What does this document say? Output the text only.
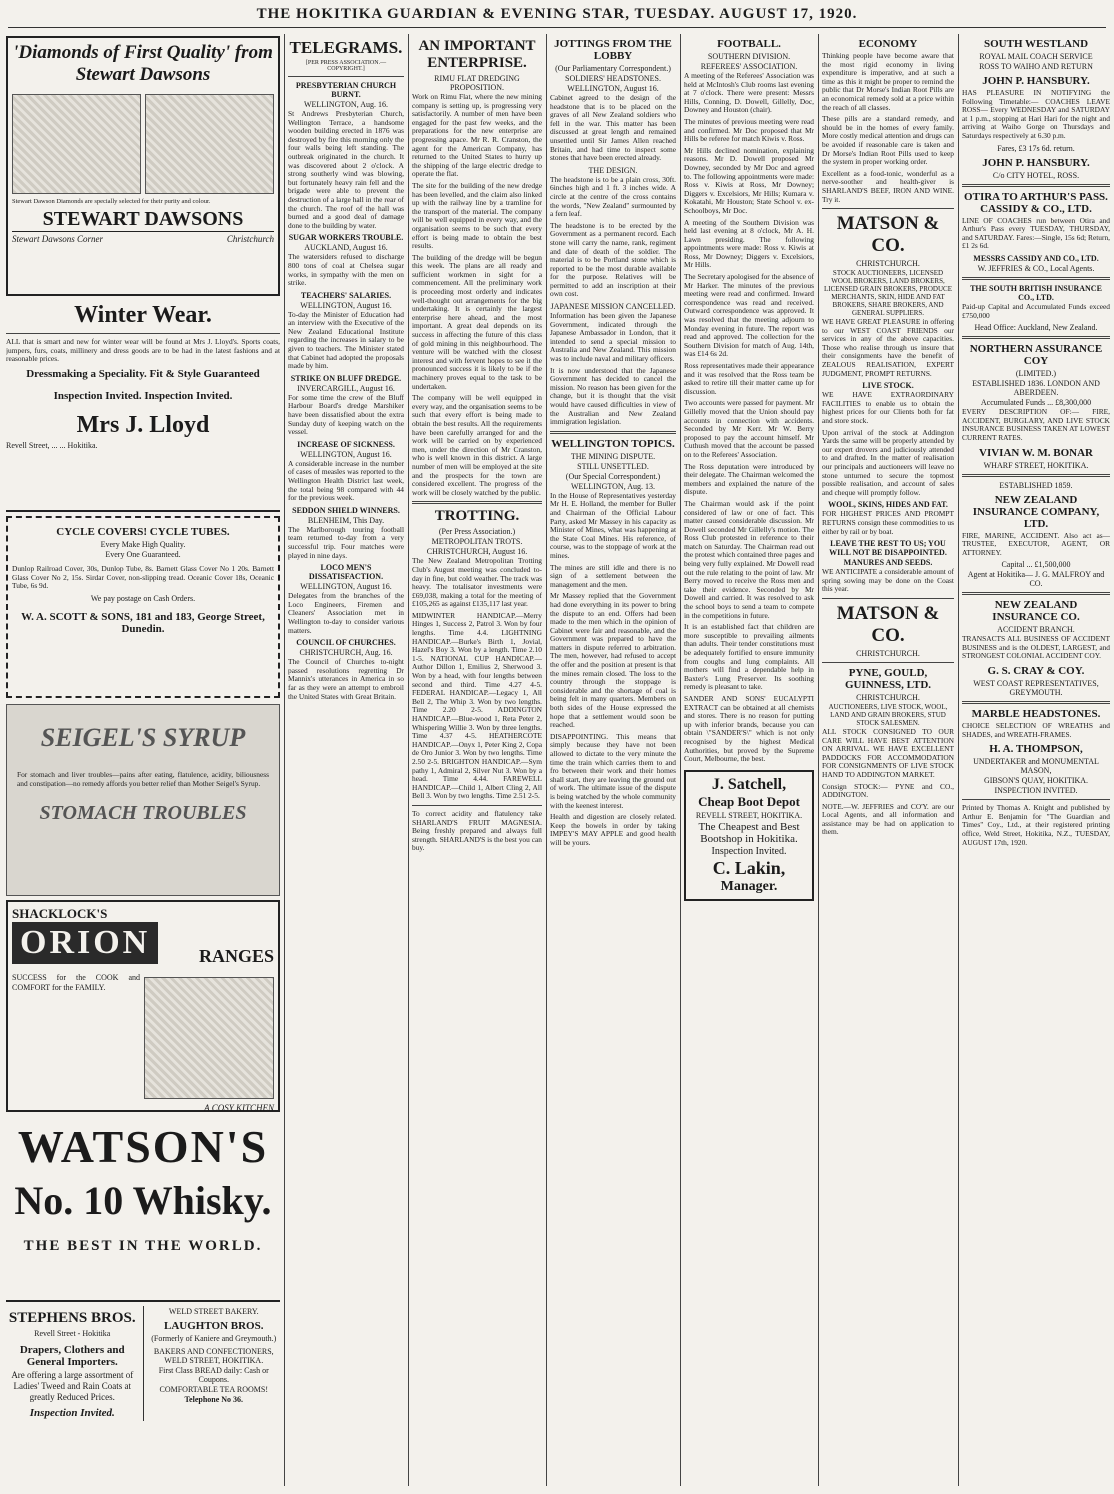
THE HOKITIKA GUARDIAN & EVENING STAR, TUESDAY. AUGUST 17, 1920.
'Diamonds of First Quality' from Stewart Dawsons
Stewart Dawson Diamonds are specially selected for their purity and colour.
STEWART DAWSONS
Stewart Dawsons Corner	Christchurch
Winter Wear.
ALL that is smart and new for winter wear will be found at Mrs J. Lloyd's. Sports coats, jumpers, furs, coats, millinery and dress goods are to be had in the latest fashions and at reasonable prices.
Dressmaking a Speciality. Fit & Style Guaranteed
Inspection Invited. Inspection Invited.
Mrs J. Lloyd
Revell Street, ... ... Hokitika.
CYCLE COVERS! CYCLE TUBES.
Every Make High Quality.
Every One Guaranteed.
Dunlop Railroad Cover, 30s, Dunlop Tube, 8s. Barnett Glass Cover No 1 20s. Barnett Glass Cover No 2, 15s. Sirdar Cover, non-slipping tread. Oceanic Cover 18s, Oceanic Tube, 6s 9d.
We pay postage on Cash Orders.
W. A. SCOTT & SONS, 181 and 183, George Street, Dunedin.
SEIGEL'S SYRUP
For stomach and liver troubles—pains after eating, flatulence, acidity, biliousness and constipation—no remedy affords you better relief than Mother Seigel's Syrup.
STOMACH TROUBLES
SHACKLOCK'S
ORION	RANGES
SUCCESS for the COOK and COMFORT for the FAMILY.
A COSY KITCHEN
WATSON'S
No. 10 Whisky.
THE BEST IN THE WORLD.
STEPHENS BROS.
Revell Street - Hokitika
Drapers, Clothers and General Importers.
Are offering a large assortment of Ladies' Tweed and Rain Coats at greatly Reduced Prices.
Inspection Invited.
WELD STREET BAKERY.
LAUGHTON BROS.
(Formerly of Kaniere and Greymouth.)
BAKERS AND CONFECTIONERS, WELD STREET, HOKITIKA.
First Class BREAD daily: Cash or Coupons.
COMFORTABLE TEA ROOMS!
Telephone No 36.
TELEGRAMS.
[PER PRESS ASSOCIATION.—COPYRIGHT.]
PRESBYTERIAN CHURCH BURNT.
WELLINGTON, Aug. 16.
St Andrews Presbyterian Church, Wellington Terrace, a handsome wooden building erected in 1876 was destroyed by fire this morning only the four walls being left standing. The outbreak originated in the church. It was discovered about 2 o'clock. A strong southerly wind was blowing, but fortunately heavy rain fell and the brigade were able to prevent the destruction of a large hall in the rear of the church. The roof of the hall was burned and a good deal of damage done to the building by water.
SUGAR WORKERS TROUBLE.
AUCKLAND, August 16.
The watersiders refused to discharge 800 tons of coal at Chelsea sugar works, in sympathy with the men on strike.
TEACHERS' SALARIES.
WELLINGTON, August 16.
To-day the Minister of Education had an interview with the Executive of the New Zealand Educational Institute regarding the increases in salary to be given to teachers. The Minister stated that Cabinet had adopted the proposals made by him.
STRIKE ON BLUFF DREDGE.
INVERCARGILL, August 16.
For some time the crew of the Bluff Harbour Board's dredge Marshiker have been dissatisfied about the extra Sunday duty of keeping watch on the vessel.
INCREASE OF SICKNESS.
WELLINGTON, August 16.
A considerable increase in the number of cases of measles was reported to the Wellington Health District last week, the total being 98 compared with 44 for the previous week.
SEDDON SHIELD WINNERS.
BLENHEIM, This Day.
The Marlborough touring football team returned to-day from a very successful trip. Four matches were played in nine days.
LOCO MEN'S DISSATISFACTION.
WELLINGTON, August 16.
Delegates from the branches of the Loco Engineers, Firemen and Cleaners' Association met in Wellington to-day to consider various matters.
COUNCIL OF CHURCHES.
CHRISTCHURCH, Aug. 16.
The Council of Churches to-night passed resolutions regretting Dr Mannix's utterances in America in so far as they were an attempt to embroil the United States with Great Britain.
AN IMPORTANT ENTERPRISE.
RIMU FLAT DREDGING PROPOSITION.
Work on Rimu Flat, where the new mining company is setting up, is progressing very satisfactorily. A number of men have been engaged for the past few weeks, and the preparations for the new enterprise are progressing apace. Mr R. R. Cranston, the agent for the American Company, has returned to the United States to hurry up the shipping of the large electric dredge to operate the flat.
The site for the building of the new dredge has been levelled, and the claim also linked up with the railway line by a tramline for the transport of the material. The company will be well equipped in every way, and the organisation seems to be such that every effort is being made to obtain the best results.
The building of the dredge will be begun this week. The plans are all ready and sufficient workmen in sight for a commencement. All the preliminary work is proceeding most orderly and indicates well-thought out arrangements for the big undertaking. It is certainly the largest enterprise here ahead, and the most important. A great deal depends on its success in affecting the future of this class of gold mining in this neighbourhood. The venture will be watched with the closest interest and with fervent hopes to see it the pronounced success it is likely to be if the machinery proves equal to the task to be undertaken.
The company will be well equipped in every way, and the organisation seems to be such that every effort is being made to obtain the best results. All the requirements have been carefully arranged for and the work will be carried on by experienced men, under the direction of Mr Cranston, who is well known in this district. A large number of men will be employed at the site and the prospects for the town are considered excellent. The progress of the work will be closely watched by the public.
TROTTING.
(Per Press Association.)
METROPOLITAN TROTS.
CHRISTCHURCH, August 16.
The New Zealand Metropolitan Trotting Club's August meeting was concluded to-day in fine, but cold weather. The track was heavy. The totalisator investments were £69,038, making a total for the meeting of £105,265 as against £135,117 last year.
MIDWINTER HANDICAP.—Merry Hinges 1, Success 2, Patrol 3. Won by four lengths. Time 4.4. LIGHTNING HANDICAP.—Burke's Birth 1, Jovial, Hazel's Boy 3. Won by a length. Time 2.10 1-5. NATIONAL CUP HANDICAP.—Author Dillon 1, Emilius 2, Sherwood 3. Won by a head, with four lengths between second and third. Time 4.27 4-5. FEDERAL HANDICAP.—Legacy 1, All Bell 2, The Whip 3. Won by two lengths. Time 2.20 2-5. ADDINGTON HANDICAP.—Blue-wood 1, Reta Peter 2, Whispering Willie 3. Won by three lengths. Time 4.37 4-5. HEATHERCOTE HANDICAP.—Onyx 1, Peter King 2, Copa de Oro Junior 3. Won by two lengths. Time 2.50 2-5. BRIGHTON HANDICAP.—Sym pathy 1, Admiral 2, Silver Nut 3. Won by a head. Time 4.44. FAREWELL HANDICAP.—Child 1, Albert Cling 2, All Bell 3. Won by two lengths. Time 2.51 2-5.
To correct acidity and flatulency take SHARLAND'S FRUIT MAGNESIA. Being freshly prepared and always full strength. SHARLAND'S is the best you can buy.
JOTTINGS FROM THE LOBBY
(Our Parliamentary Correspondent.)
SOLDIERS' HEADSTONES.
WELLINGTON, August 16.
Cabinet agreed to the design of the headstone that is to be placed on the graves of all New Zealand soldiers who fell in the war. This matter has been discussed at great length and remained unsettled until Sir James Allen reached Britain, and had time to inspect some stones that have been erected already.
THE DESIGN.
The headstone is to be a plain cross, 30ft. 6inches high and 1 ft. 3 inches wide. A circle at the centre of the cross contains the words, "New Zealand" surmounted by a fern leaf.
The headstone is to be erected by the Government as a permanent record. Each stone will carry the name, rank, regiment and date of death of the soldier. The material is to be Portland stone which is reported to be the most durable available for the purpose. Relatives will be permitted to add an inscription at their own cost.
JAPANESE MISSION CANCELLED.
Information has been given the Japanese Government, indicated through the Japanese Ambassador in London, that it intended to send a special mission to Australia and New Zealand. This mission was to include naval and military officers.
It is now understood that the Japanese Government has decided to cancel the mission. No reason has been given for the change, but it is thought that the visit would have caused difficulties in view of the Australian and New Zealand immigration legislation.
WELLINGTON TOPICS.
THE MINING DISPUTE.
STILL UNSETTLED.
(Our Special Correspondent.)
WELLINGTON, Aug. 13.
In the House of Representatives yesterday Mr H. E. Holland, the member for Buller and Chairman of the Official Labour Party, asked Mr Massey in his capacity as Minister of Mines, what was happening at the State Coal Mines. His reference, of course, was to the stoppage of work at the mines.
The mines are still idle and there is no sign of a settlement between the management and the men.
Mr Massey replied that the Government had done everything in its power to bring the dispute to an end. Offers had been made to the men which in the opinion of Cabinet were fair and reasonable, and the Government was prepared to have the matters in dispute referred to arbitration. The men, however, had refused to accept the offer and the position at present is that the mines remain closed. The loss to the country through the stoppage is considerable and the shortage of coal is being felt in many quarters. Members on both sides of the House expressed the hope that a settlement would soon be reached.
DISAPPOINTING. This means that simply because they have not been allowed to dictate to the very minute the time the train which carries them to and fro between their work and their homes shall start, they are leaving the ground out of work. The ultimate issue of the dispute is being watched by the whole community with the keenest interest.
Health and digestion are closely related. Keep the bowels in order by taking IMPEY'S MAY APPLE and good health will be yours.
FOOTBALL.
SOUTHERN DIVISION.
REFEREES' ASSOCIATION.
A meeting of the Referees' Association was held at McIntosh's Club rooms last evening at 7 o'clock. There were present: Messrs Hills, Conning, D. Dowell, Gillelly, Doc, Downey and Houston (chair).
The minutes of previous meeting were read and confirmed. Mr Doc proposed that Mr Hills be referee for match Kiwis v. Ross.
Mr Hills declined nomination, explaining reasons. Mr D. Dowell proposed Mr Downey, seconded by Mr Doc and agreed to. The following appointments were made: Ross v. Kiwis at Ross, Mr Downey; Diggers v. Excelsiors, Mr Hills; Kumara v. Kokatahi, Mr Houston; State School v. ex-Schoolboys, Mr Doc.
A meeting of the Southern Division was held last evening at 8 o'clock, Mr A. H. Lawn presiding. The following appointments were made: Ross v. Kiwis at Ross, Mr Downey; Diggers v. Excelsiors, Mr Hills.
The Secretary apologised for the absence of Mr Harker. The minutes of the previous meeting were read and confirmed. Inward correspondence was read and received. Outward correspondence was approved. It was resolved that the meeting adjourn to Monday evening in future. The report was read and approved. The collection for the Southern Division for match of Aug. 14th, was £14 6s 2d.
Ross representatives made their appearance and it was resolved that the Ross team be asked to retire till their matter came up for discussion.
Two accounts were passed for payment. Mr Gillelly moved that the Union should pay accounts in connection with accidents. Seconded by Mr Kerr. Mr W. Berry proposed to pay the account himself. Mr Cuthush moved that the account be passed on to the Referees' Association.
The Ross deputation were introduced by their delegate. The Chairman welcomed the members and explained the nature of the dispute.
The Chairman would ask if the point considered of law or one of fact. This matter caused considerable discussion. Mr Dowell seconded Mr Gillelly's motion. The Ross Club protested in reference to their match on Saturday. The Chairman read out the protest which contained three pages and being very fully explained. Mr Dowell read out the rule relating to the point of law. Mr Berry moved to receive the Ross men and take their evidence. Seconded by Mr Dowell and carried. It was resolved to ask the school boys to send a team to compete in the competitions in future.
It is an established fact that children are more susceptible to prevailing ailments than adults. Their tender constitutions must be adequately fortified to ensure immunity from coughs and lung complaints. All mothers will find a dependable help in Baxter's Lung Preserver. Its soothing remedy is pleasant to take.
SANDER AND SONS' EUCALYPTI EXTRACT can be obtained at all chemists and stores. There is no reason for putting up with inferior brands, because you can obtain \"SANDER'S\" which is not only recognised by the highest Medical Authorities, but proved by the Supreme Court, Melbourne, the best.
J. Satchell,
Cheap Boot Depot
REVELL STREET, HOKITIKA.
The Cheapest and Best Bootshop in Hokitika.
Inspection Invited.
C. Lakin,
Manager.
ECONOMY
Thinking people have become aware that the most rigid economy in living expenditure is imperative, and at such a time as this it might be proper to remind the public that Dr Morse's Indian Root Pills are an economical remedy sold at a price within the reach of all classes.
These pills are a standard remedy, and should be in the homes of every family. More costly medical attention and drugs can be avoided if reasonable care is taken and Dr Morse's Indian Root Pills used to keep the system in proper working order.
Excellent as a food-tonic, wonderful as a nerve-soother and health-giver is SHARLAND'S BEEF, IRON AND WINE. Try it.
MATSON & CO.
CHRISTCHURCH.
STOCK AUCTIONEERS, LICENSED WOOL BROKERS, LAND BROKERS, LICENSED GRAIN BROKERS, PRODUCE MERCHANTS, SKIN, HIDE AND FAT BROKERS, SHARE BROKERS, AND GENERAL SUPPLIERS.
WE HAVE GREAT PLEASURE in offering to our WEST COAST FRIENDS our services in any of the above capacities. Those who realise through us insure that their consignments have the benefit of ZEALOUS REALISATION, EXPERT JUDGMENT, PROMPT RETURNS.
LIVE STOCK.
WE HAVE EXTRAORDINARY FACILITIES to enable us to obtain the highest prices for our Clients both for fat and store stock.
Upon arrival of the stock at Addington Yards the same will be properly attended by our expert drovers and judiciously attended to and drafted. In the matter of realisation our principals and auctioneers will leave no stone unturned to secure the topmost possible realisation, and account of sales and cheque will promptly follow.
WOOL, SKINS, HIDES AND FAT.
FOR HIGHEST PRICES AND PROMPT RETURNS consign these commodities to us either by rail or by boat.
LEAVE THE REST TO US; YOU WILL NOT BE DISAPPOINTED.
MANURES AND SEEDS.
WE ANTICIPATE a considerable amount of spring sowing may be done on the Coast this year.
MATSON & CO.
CHRISTCHURCH.
PYNE, GOULD, GUINNESS, LTD.
CHRISTCHURCH.
AUCTIONEERS, LIVE STOCK, WOOL, LAND AND GRAIN BROKERS, STUD STOCK SALESMEN.
ALL STOCK CONSIGNED TO OUR CARE WILL HAVE BEST ATTENTION ON ARRIVAL. WE HAVE EXCELLENT PADDOCKS FOR ACCOMMODATION FOR CONSIGNMENTS OF LIVE STOCK HAND TO ADDINGTON MARKET.
Consign STOCK:— PYNE and CO., ADDINGTON.
NOTE.—W. JEFFRIES and CO'Y. are our Local Agents, and all information and assistance may be had on application to them.
SOUTH WESTLAND
ROYAL MAIL COACH SERVICE
ROSS TO WAIHO AND RETURN
JOHN P. HANSBURY.
HAS PLEASURE IN NOTIFYING the Following Timetable:— COACHES LEAVE ROSS— Every WEDNESDAY and SATURDAY at 1 p.m., stopping at Hari Hari for the night and arriving at Waiho Gorge on Thursdays and Saturdays respectively at 6.30 p.m.
Fares, £3 17s 6d. return.
JOHN P. HANSBURY.
C/o CITY HOTEL, ROSS.
OTIRA TO ARTHUR'S PASS. CASSIDY & CO., LTD.
LINE OF COACHES run between Otira and Arthur's Pass every TUESDAY, THURSDAY, and SATURDAY. Fares:—Single, 15s 6d; Return, £1 2s 6d.
MESSRS CASSIDY AND CO., LTD.
W. JEFFRIES & CO., Local Agents.
THE SOUTH BRITISH INSURANCE CO., LTD.
Paid-up Capital and Accumulated Funds exceed £750,000
Head Office: Auckland, New Zealand.
NORTHERN ASSURANCE COY
(LIMITED.)
ESTABLISHED 1836. LONDON AND ABERDEEN.
Accumulated Funds ... £8,300,000
EVERY DESCRIPTION OF:— FIRE, ACCIDENT, BURGLARY, AND LIVE STOCK INSURANCE BUSINESS TAKEN AT LOWEST CURRENT RATES.
VIVIAN W. M. BONAR
WHARF STREET, HOKITIKA.
ESTABLISHED 1859.
NEW ZEALAND INSURANCE COMPANY, LTD.
FIRE, MARINE, ACCIDENT. Also act as— TRUSTEE, EXECUTOR, AGENT, OR ATTORNEY.
Capital ... £1,500,000
Agent at Hokitika— J. G. MALFROY and CO.
NEW ZEALAND INSURANCE CO.
ACCIDENT BRANCH.
TRANSACTS ALL BUSINESS OF ACCIDENT BUSINESS and is the OLDEST, LARGEST, and STRONGEST COLONIAL ACCIDENT COY.
G. S. CRAY & COY.
WEST COAST REPRESENTATIVES, GREYMOUTH.
MARBLE HEADSTONES.
CHOICE SELECTION OF WREATHS and SHADES, and WREATH-FRAMES.
H. A. THOMPSON,
UNDERTAKER and MONUMENTAL MASON,
GIBSON'S QUAY, HOKITIKA.
INSPECTION INVITED.
Printed by Thomas A. Knight and published by Arthur E. Benjamin for "The Guardian and Times" Coy., Ltd., at their registered printing office, Weld Street, Hokitika, N.Z., TUESDAY, AUGUST 17th, 1920.
